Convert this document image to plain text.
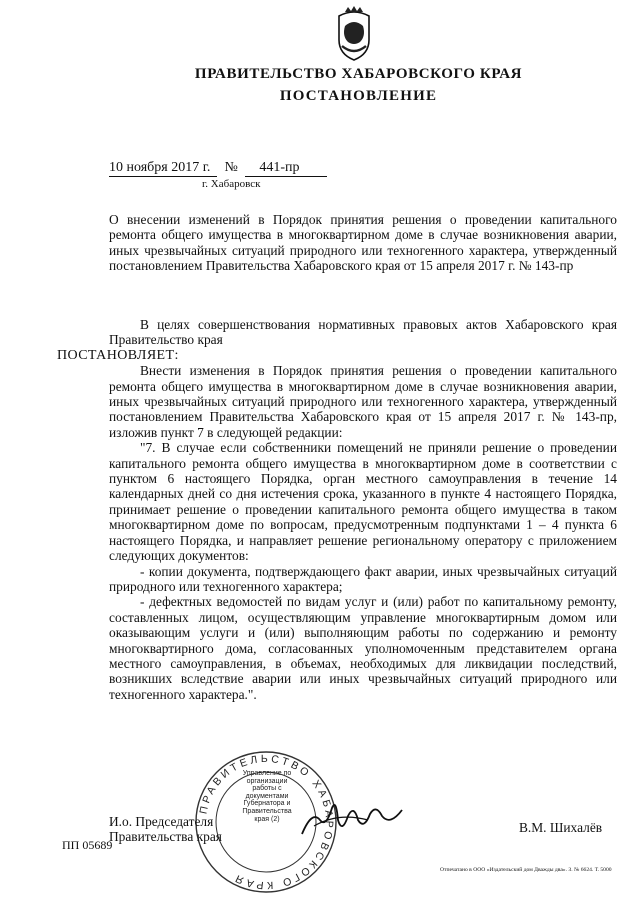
ПРАВИТЕЛЬСТВО ХАБАРОВСКОГО КРАЯ
ПОСТАНОВЛЕНИЕ
10 ноября 2017 г. № 441-пр
г. Хабаровск
О внесении изменений в Порядок принятия решения о проведении капитального ремонта общего имущества в многоквартирном доме в случае возникновения аварии, иных чрезвычайных ситуаций природного или техногенного характера, утвержденный постановлением Правительства Хабаровского края от 15 апреля 2017 г. № 143-пр

В целях совершенствования нормативных правовых актов Хабаровского края Правительство края

ПОСТАНОВЛЯЕТ:

Внести изменения в Порядок принятия решения о проведении капитального ремонта общего имущества в многоквартирном доме в случае возникновения аварии, иных чрезвычайных ситуаций природного или техногенного характера, утвержденный постановлением Правительства Хабаровского края от 15 апреля 2017 г. № 143-пр, изложив пункт 7 в следующей редакции:

"7. В случае если собственники помещений не приняли решение о проведении капитального ремонта общего имущества в многоквартирном доме в соответствии с пунктом 6 настоящего Порядка, орган местного самоуправления в течение 14 календарных дней со дня истечения срока, указанного в пункте 4 настоящего Порядка, принимает решение о проведении капитального ремонта общего имущества в таком многоквартирном доме по вопросам, предусмотренным подпунктами 1 – 4 пункта 6 настоящего Порядка, и направляет решение региональному оператору с приложением следующих документов:

- копии документа, подтверждающего факт аварии, иных чрезвычайных ситуаций природного или техногенного характера;

- дефектных ведомостей по видам услуг и (или) работ по капитальному ремонту, составленных лицом, осуществляющим управление многоквартирным домом или оказывающим услуги и (или) выполняющим работы по содержанию и ремонту многоквартирного дома, согласованных уполномоченным представителем органа местного самоуправления, в объемах, необходимых для ликвидации последствий, возникших вследствие аварии или иных чрезвычайных ситуаций природного или техногенного характера.".

ПРАВИТЕЛЬСТВО ХАБАРОВСКОГО КРАЯ
Управление по организации работы с документами Губернатора и Правительства края (2)
И.о. Председателя
Правительства края
В.М. Шихалёв
ПП 05689
Отпечатано в ООО «Издательский дом Дважды два». З. № 6624. Т. 5000
